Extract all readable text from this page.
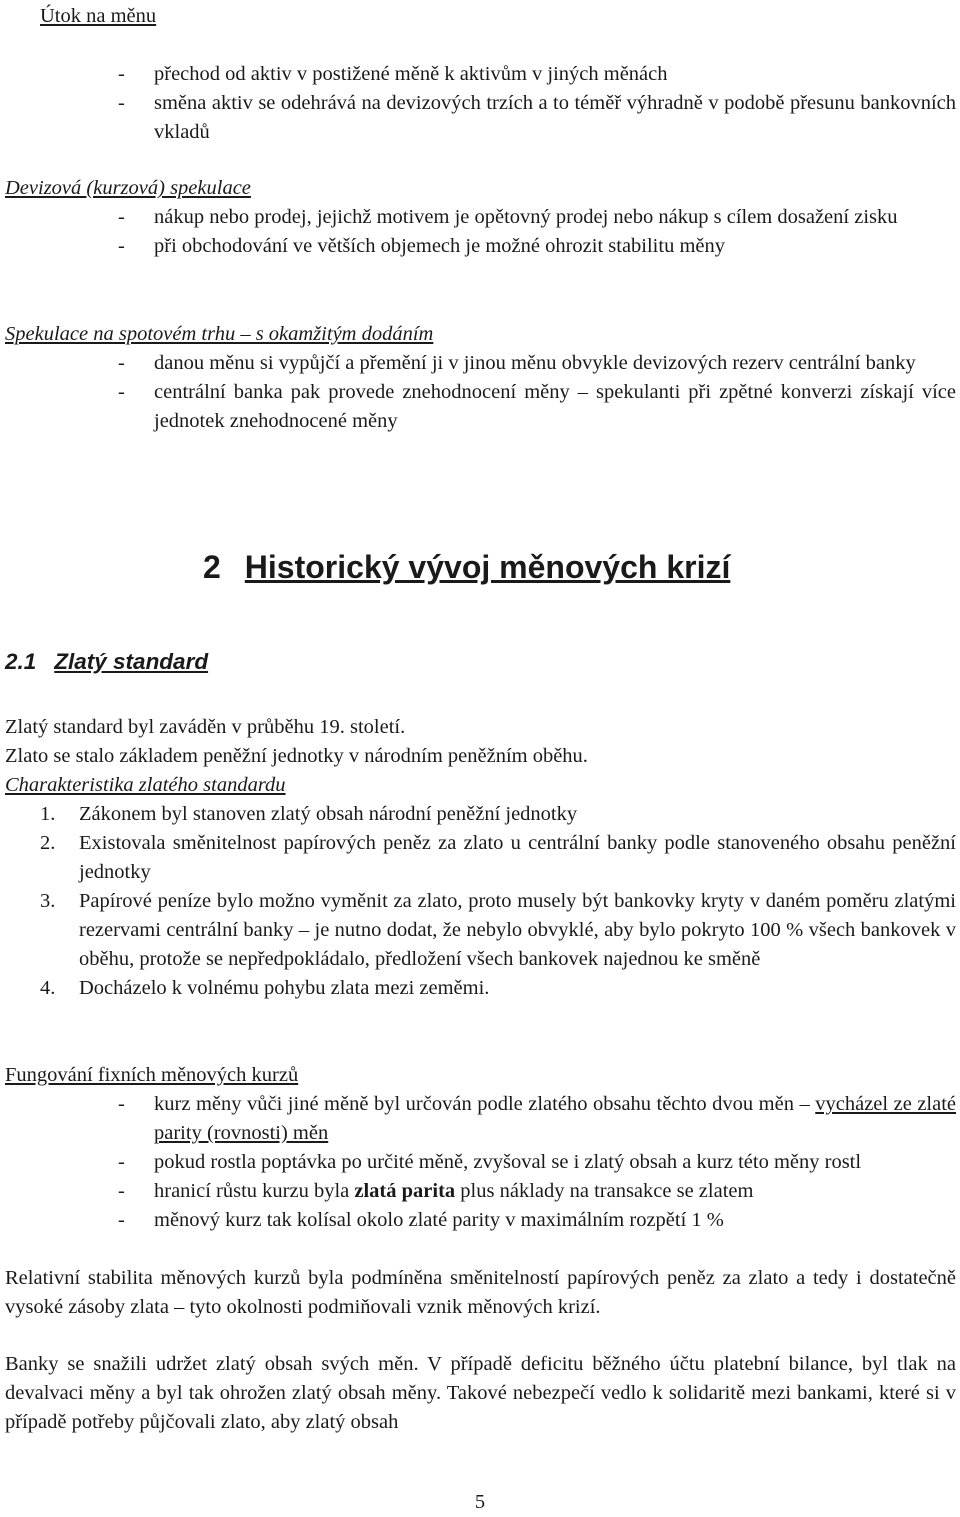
Útok na měnu
- přechod od aktiv v postižené měně k aktivům v jiných měnách
- směna aktiv se odehrává na devizových trzích a to téměř výhradně v podobě přesunu bankovních vkladů
Devizová (kurzová) spekulace
- nákup nebo prodej, jejichž motivem je opětovný prodej nebo nákup s cílem dosažení zisku
- při obchodování ve větších objemech je možné ohrozit stabilitu měny
Spekulace na spotovém trhu – s okamžitým dodáním
- danou měnu si vypůjčí a přemění ji v jinou měnu obvykle devizových rezerv centrální banky
- centrální banka pak provede znehodnocení měny – spekulanti při zpětné konverzi získají více jednotek znehodnocené měny
2 Historický vývoj měnových krizí
2.1 Zlatý standard
Zlatý standard byl zaváděn v průběhu 19. století.
Zlato se stalo základem peněžní jednotky v národním peněžním oběhu.
Charakteristika zlatého standardu
1. Zákonem byl stanoven zlatý obsah národní peněžní jednotky
2. Existovala směnitelnost papírových peněz za zlato u centrální banky podle stanoveného obsahu peněžní jednotky
3. Papírové peníze bylo možno vyměnit za zlato, proto musely být bankovky kryty v daném poměru zlatými rezervami centrální banky – je nutno dodat, že nebylo obvyklé, aby bylo pokryto 100 % všech bankovek v oběhu, protože se nepředpokládalo, předložení všech bankovek najednou ke směně
4. Docházelo k volnému pohybu zlata mezi zeměmi.
Fungování fixních měnových kurzů
- kurz měny vůči jiné měně byl určován podle zlatého obsahu těchto dvou měn – vycházel ze zlaté parity (rovnosti) měn
- pokud rostla poptávka po určité měně, zvyšoval se i zlatý obsah a kurz této měny rostl
- hranicí růstu kurzu byla zlatá parita plus náklady na transakce se zlatem
- měnový kurz tak kolísal okolo zlaté parity v maximálním rozpětí 1 %
Relativní stabilita měnových kurzů byla podmíněna směnitelností papírových peněz za zlato a tedy i dostatečně vysoké zásoby zlata – tyto okolnosti podmiňovali vznik měnových krizí.
Banky se snažili udržet zlatý obsah svých měn. V případě deficitu běžného účtu platební bilance, byl tlak na devalvaci měny a byl tak ohrožen zlatý obsah měny. Takové nebezpečí vedlo k solidaritě mezi bankami, které si v případě potřeby půjčovali zlato, aby zlatý obsah
5
